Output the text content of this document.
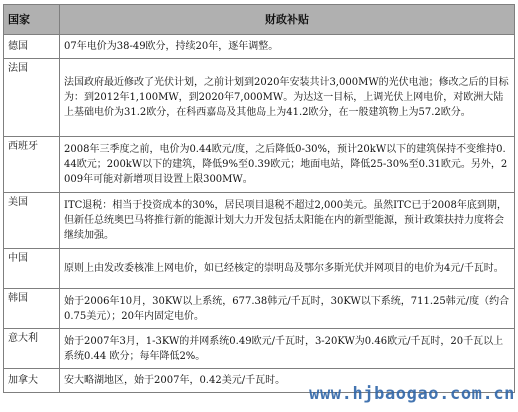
国家	财政补贴
德国	07年电价为38-49欧分，持续20年，逐年调整。
法国	法国政府最近修改了光伏计划，之前计划到2020年安装共计3,000MW的光伏电池；修改之后的目标为：到2012年1,100MW，到2020年7,000MW。为达这一目标，上调光伏上网电价，对欧洲大陆上基础电价为31.2欧分，在科西嘉岛及其他岛上为41.2欧分，在一般建筑物上为57.2欧分。
西班牙	2008年三季度之前，电价为0.44欧元/度，之后降低0-30%，预计20kW以下的建筑保持不变维持0.44欧元；200kW以下的建筑，降低9%至0.39欧元；地面电站，降低25-30%至0.31欧元。另外，2009年可能对新增项目设置上限300MW。
美国	ITC退税：相当于投资成本的30%，居民项目退税不超过2,000美元。虽然ITC已于2008年底到期，但新任总统奥巴马将推行新的能源计划大力开发包括太阳能在内的新型能源，预计政策扶持力度将会继续加强。
中国	原则上由发改委核准上网电价，如已经核定的崇明岛及鄂尔多斯光伏并网项目的电价为4元/千瓦时。
韩国	始于2006年10月，30KW以上系统，677.38韩元/千瓦时，30KW以下系统，711.25韩元/度（约合0.75美元）；20年内固定电价。
意大利	始于2007年3月，1-3KW的并网系统0.49欧元/千瓦时，3-20KW为0.46欧元/千瓦时，20千瓦以上系统0.44 欧分；每年降低2%。
加拿大	安大略湖地区，始于2007年，0.42美元/千瓦时。
www.hjbaogao.com.cn
